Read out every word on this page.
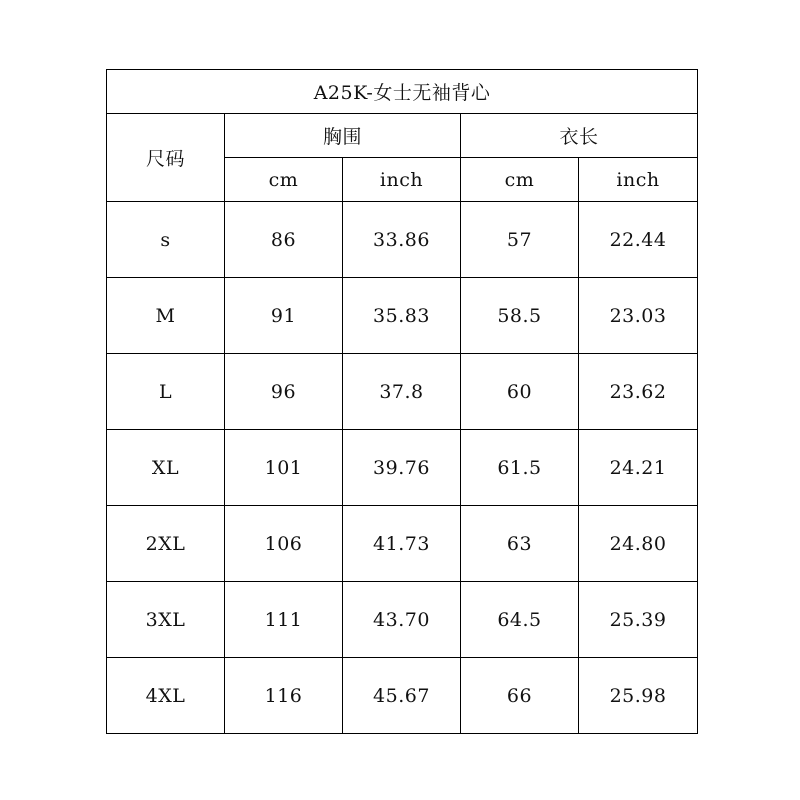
A25K-女士无袖背心				
尺码	胸围		衣长	
	cm	inch	cm	inch
s	86	33.86	57	22.44
M	91	35.83	58.5	23.03
L	96	37.8	60	23.62
XL	101	39.76	61.5	24.21
2XL	106	41.73	63	24.80
3XL	111	43.70	64.5	25.39
4XL	116	45.67	66	25.98
